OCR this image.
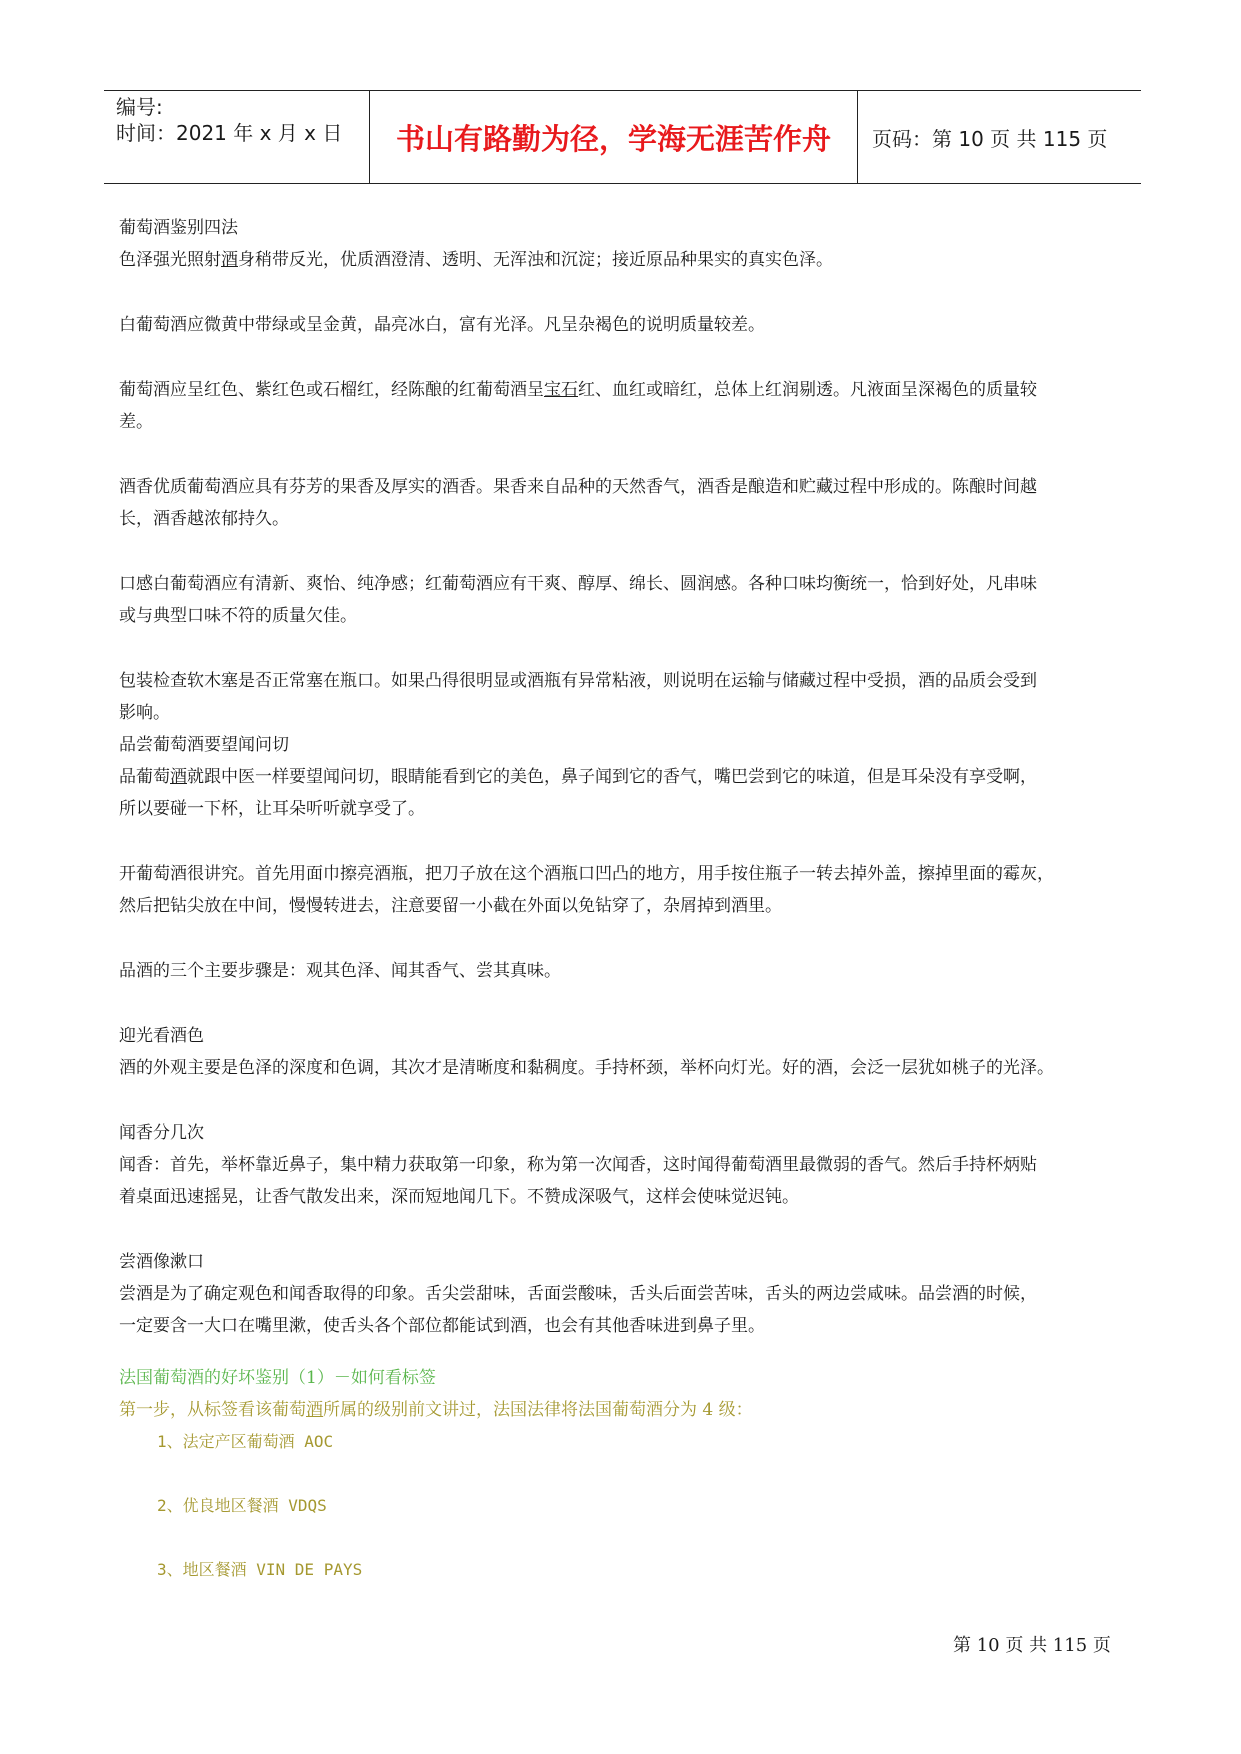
编号:
时间：2021 年 x 月 x 日	书山有路勤为径，学海无涯苦作舟	页码：第 10 页 共 115 页

葡萄酒鉴别四法

色泽强光照射酒身稍带反光，优质酒澄清、透明、无浑浊和沉淀；接近原品种果实的真实色泽。

白葡萄酒应微黄中带绿或呈金黄，晶亮冰白，富有光泽。凡呈杂褐色的说明质量较差。

葡萄酒应呈红色、紫红色或石榴红，经陈酿的红葡萄酒呈宝石红、血红或暗红，总体上红润剔透。凡液面呈深褐色的质量较

差。

酒香优质葡萄酒应具有芬芳的果香及厚实的酒香。果香来自品种的天然香气，酒香是酿造和贮藏过程中形成的。陈酿时间越

长，酒香越浓郁持久。

口感白葡萄酒应有清新、爽怡、纯净感；红葡萄酒应有干爽、醇厚、绵长、圆润感。各种口味均衡统一，恰到好处，凡串味

或与典型口味不符的质量欠佳。

包装检查软木塞是否正常塞在瓶口。如果凸得很明显或酒瓶有异常粘液，则说明在运输与储藏过程中受损，酒的品质会受到

影响。

品尝葡萄酒要望闻问切

品葡萄酒就跟中医一样要望闻问切，眼睛能看到它的美色，鼻子闻到它的香气，嘴巴尝到它的味道，但是耳朵没有享受啊，

所以要碰一下杯，让耳朵听听就享受了。

开葡萄酒很讲究。首先用面巾擦亮酒瓶，把刀子放在这个酒瓶口凹凸的地方，用手按住瓶子一转去掉外盖，擦掉里面的霉灰，

然后把钻尖放在中间，慢慢转进去，注意要留一小截在外面以免钻穿了，杂屑掉到酒里。

品酒的三个主要步骤是：观其色泽、闻其香气、尝其真味。

迎光看酒色

酒的外观主要是色泽的深度和色调，其次才是清晰度和黏稠度。手持杯颈，举杯向灯光。好的酒，会泛一层犹如桃子的光泽。

闻香分几次

闻香：首先，举杯靠近鼻子，集中精力获取第一印象，称为第一次闻香，这时闻得葡萄酒里最微弱的香气。然后手持杯炳贴

着桌面迅速摇晃，让香气散发出来，深而短地闻几下。不赞成深吸气，这样会使味觉迟钝。

尝酒像漱口

尝酒是为了确定观色和闻香取得的印象。舌尖尝甜味，舌面尝酸味，舌头后面尝苦味，舌头的两边尝咸味。品尝酒的时候，

一定要含一大口在嘴里漱，使舌头各个部位都能试到酒，也会有其他香味进到鼻子里。

法国葡萄酒的好坏鉴别（1）－如何看标签

第一步，从标签看该葡萄酒所属的级别前文讲过，法国法律将法国葡萄酒分为 4 级：

1、法定产区葡萄酒 AOC

2、优良地区餐酒 VDQS

3、地区餐酒 VIN DE PAYS

第 10 页 共 115 页
